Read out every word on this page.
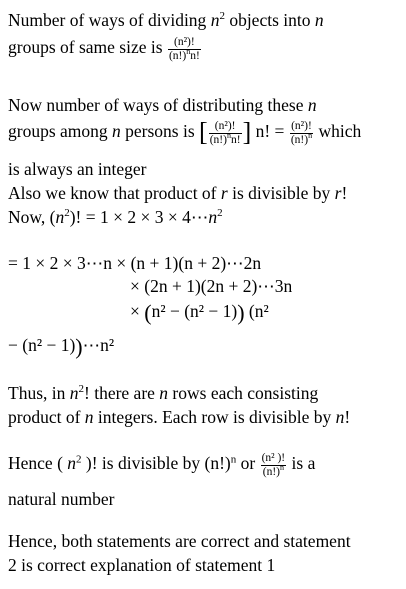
Number of ways of dividing $n^2$ objects into n
groups of same size is $\frac{\text{(n²)!}}{(n!)^nn!}$
Now number of ways of distributing these n
groups among n persons is [ $\frac{\text{(n²)!}}{(n!)^nn!}$ ] n! = $\frac{\text{(n²)!}}{(n!)^n}$ which
is always an integer
Also we know that product of r is divisible by r!
Now, $(n^2)$! = $1 \times 2 \times 3 \times 4\cdots n^2$
= 1 × 2 × 3⋯n × (n + 1)(n + 2)⋯2n
× (2n + 1)(2n + 2)⋯3n
× (n² − (n² − 1)) (n²
− (n² − 1))⋯n²
Thus, in $n^2$! there are n rows each consisting
product of n integers. Each row is divisible by n!
Hence ( $n^2$ )! is divisible by $(n!)^n$ or $\frac{\text{(n² )!}}{(n!)^n}$ is a
natural number
Hence, both statements are correct and statement
2 is correct explanation of statement 1
